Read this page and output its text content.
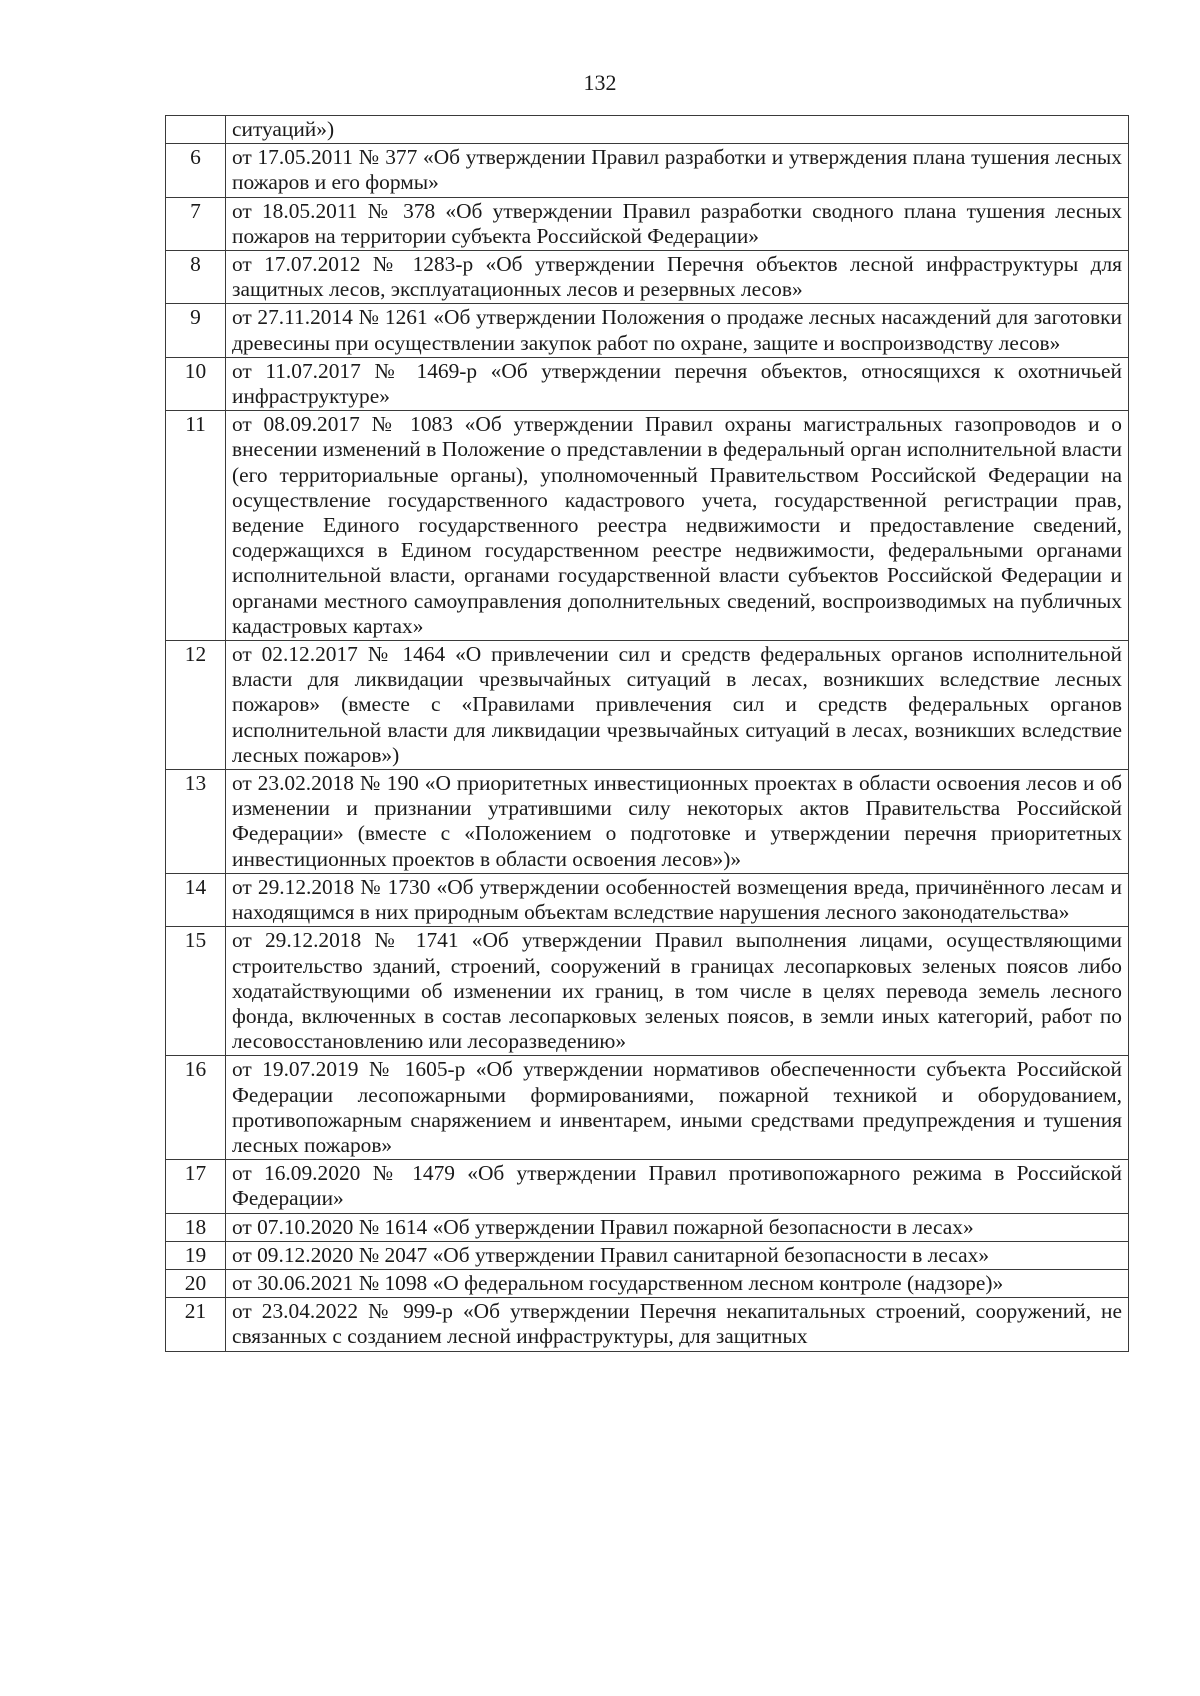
132
	ситуаций»)
6	от 17.05.2011 № 377 «Об утверждении Правил разработки и утверждения плана тушения лесных пожаров и его формы»
7	от 18.05.2011 № 378 «Об утверждении Правил разработки сводного плана тушения лесных пожаров на территории субъекта Российской Федерации»
8	от 17.07.2012 № 1283-р «Об утверждении Перечня объектов лесной инфраструктуры для защитных лесов, эксплуатационных лесов и резервных лесов»
9	от 27.11.2014 № 1261 «Об утверждении Положения о продаже лесных насаждений для заготовки древесины при осуществлении закупок работ по охране, защите и воспроизводству лесов»
10	от 11.07.2017 № 1469-р «Об утверждении перечня объектов, относящихся к охотничьей инфраструктуре»
11	от 08.09.2017 № 1083 «Об утверждении Правил охраны магистральных газопроводов и о внесении изменений в Положение о представлении в федеральный орган исполнительной власти (его территориальные органы), уполномоченный Правительством Российской Федерации на осуществление государственного кадастрового учета, государственной регистрации прав, ведение Единого государственного реестра недвижимости и предоставление сведений, содержащихся в Едином государственном реестре недвижимости, федеральными органами исполнительной власти, органами государственной власти субъектов Российской Федерации и органами местного самоуправления дополнительных сведений, воспроизводимых на публичных кадастровых картах»
12	от 02.12.2017 № 1464 «О привлечении сил и средств федеральных органов исполнительной власти для ликвидации чрезвычайных ситуаций в лесах, возникших вследствие лесных пожаров» (вместе с «Правилами привлечения сил и средств федеральных органов исполнительной власти для ликвидации чрезвычайных ситуаций в лесах, возникших вследствие лесных пожаров»)
13	от 23.02.2018 № 190 «О приоритетных инвестиционных проектах в области освоения лесов и об изменении и признании утратившими силу некоторых актов Правительства Российской Федерации» (вместе с «Положением о подготовке и утверждении перечня приоритетных инвестиционных проектов в области освоения лесов»)»
14	от 29.12.2018 № 1730 «Об утверждении особенностей возмещения вреда, причинённого лесам и находящимся в них природным объектам вследствие нарушения лесного законодательства»
15	от 29.12.2018 № 1741 «Об утверждении Правил выполнения лицами, осуществляющими строительство зданий, строений, сооружений в границах лесопарковых зеленых поясов либо ходатайствующими об изменении их границ, в том числе в целях перевода земель лесного фонда, включенных в состав лесопарковых зеленых поясов, в земли иных категорий, работ по лесовосстановлению или лесоразведению»
16	от 19.07.2019 № 1605-р «Об утверждении нормативов обеспеченности субъекта Российской Федерации лесопожарными формированиями, пожарной техникой и оборудованием, противопожарным снаряжением и инвентарем, иными средствами предупреждения и тушения лесных пожаров»
17	от 16.09.2020 № 1479 «Об утверждении Правил противопожарного режима в Российской Федерации»
18	от 07.10.2020 № 1614 «Об утверждении Правил пожарной безопасности в лесах»
19	от 09.12.2020 № 2047 «Об утверждении Правил санитарной безопасности в лесах»
20	от 30.06.2021 № 1098 «О федеральном государственном лесном контроле (надзоре)»
21	от 23.04.2022 № 999-р «Об утверждении Перечня некапитальных строений, сооружений, не связанных с созданием лесной инфраструктуры, для защитных
